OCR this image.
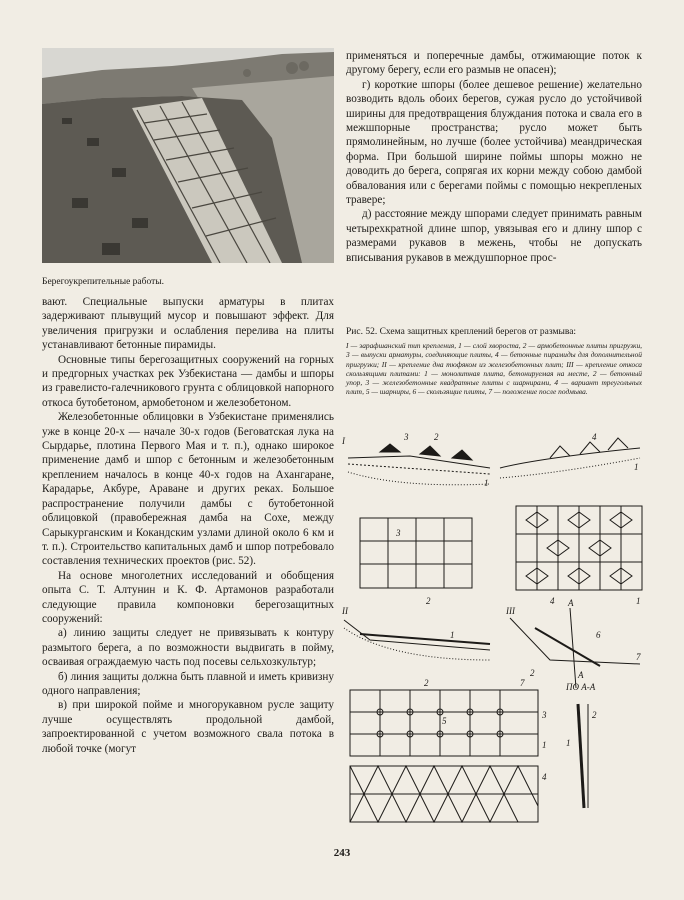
Берегоукрепительные работы.

вают. Специальные выпуски арматуры в плитах задерживают плывущий мусор и повышают эффект. Для увеличения пригрузки и ослабления перелива на плиты устанавливают бетонные пирамиды.

Основные типы берегозащитных сооружений на горных и предгорных участках рек Узбекистана — дамбы и шпоры из гравелисто-галечникового грунта с облицовкой напорного откоса бутобетоном, армобетоном и железобетоном.

Железобетонные облицовки в Узбекистане применялись уже в конце 20-х — начале 30-х годов (Беговатская лука на Сырдарье, плотина Первого Мая и т. п.), однако широкое применение дамб и шпор с бетонным и железобетонным креплением началось в конце 40-х годов на Ахангаране, Карадарье, Акбуре, Араване и других реках. Большое распространение получили дамбы с бутобетонной облицовкой (правобережная дамба на Сохе, между Сарыкурганским и Кокандским узлами длиной около 6 км и т. п.). Строительство капитальных дамб и шпор потребовало составления технических проектов (рис. 52).

На основе многолетних исследований и обобщения опыта С. Т. Алтунин и К. Ф. Артамонов разработали следующие правила компоновки берегозащитных сооружений:

а) линию защиты следует не привязывать к контуру размытого берега, а по возможности выдвигать в пойму, осваивая ограждаемую часть под посевы сельхозкультур;

б) линия защиты должна быть плавной и иметь кривизну одного направления;

в) при широкой пойме и многорукавном русле защиту лучше осуществлять продольной дамбой, запроектированной с учетом возможного свала потока в любой точке (могут

применяться и поперечные дамбы, отжимающие поток к другому берегу, если его размыв не опасен);

г) короткие шпоры (более дешевое решение) желательно возводить вдоль обоих берегов, сужая русло до устойчивой ширины для предотвращения блуждания потока и свала его в межшпорные пространства; русло может быть прямолинейным, но лучше (более устойчива) меандрическая форма. При большой ширине поймы шпоры можно не доводить до берега, сопрягая их корни между собою дамбой обвалования или с берегами поймы с помощью некрепленых травере;

д) расстояние между шпорами следует принимать равным четырехкратной длине шпор, увязывая его и длину шпор с размерами рукавов в межень, чтобы не допускать вписывания рукавов в междушпорное прос-

Рис. 52. Схема защитных креплений берегов от размыва:
I — зарафшанский тип крепления, 1 — слой хвороста, 2 — армобетонные плиты пригрузки, 3 — выпуски арматуры, соединяющие плиты, 4 — бетонные пирамиды для дополнительной пригрузки; II — крепление дна тюфяком из железобетонных плит; III — крепление откоса скользящими плитами: 1 — монолитная плита, бетонируемая на месте, 2 — бетонный упор, 3 — железобетонные квадратные плиты с шарнирами, 4 — вариант треугольных плит, 5 — шарниры, 6 — скользящие плиты, 7 — положение после подмыва.
I	3	2
1
4
1
3
2	4	1
II
1
III
А
А
6
7
2
2	7
5
3
1
4
ПО А-А
2
1
243
